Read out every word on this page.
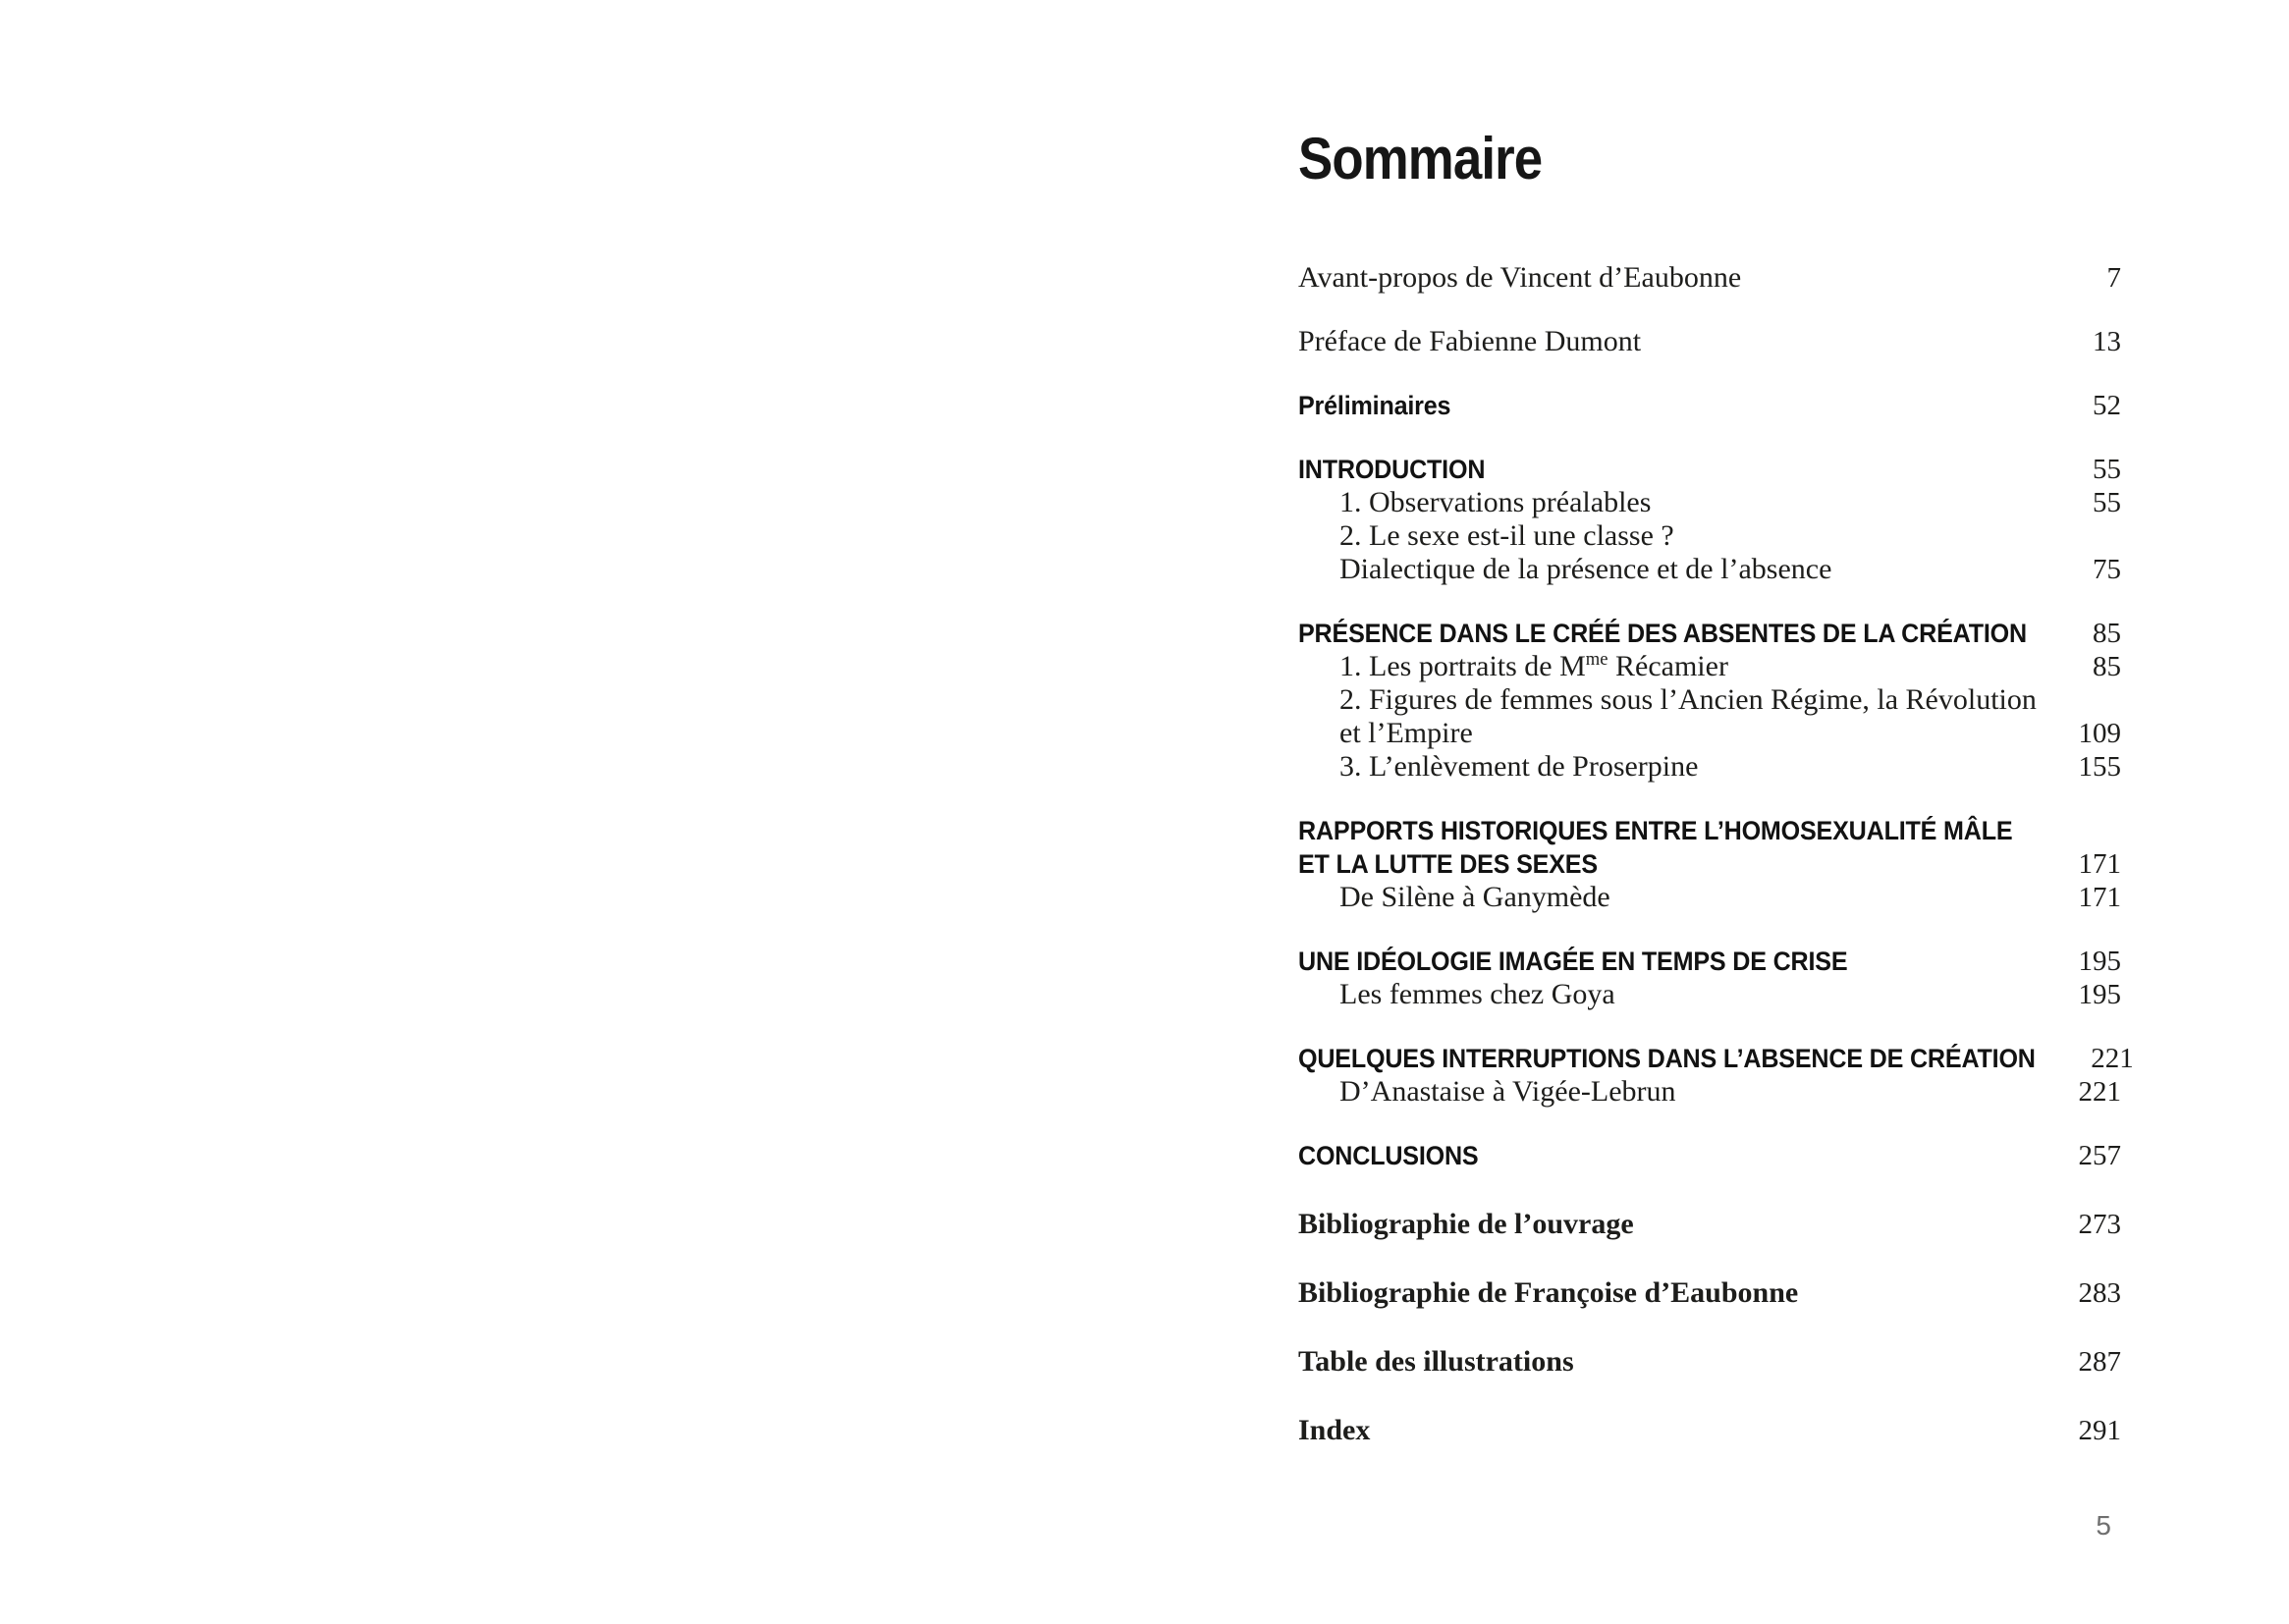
Sommaire
Avant-propos de Vincent d’Eaubonne	7
Préface de Fabienne Dumont	13
Préliminaires	52
INTRODUCTION	55
1. Observations préalables	55
2. Le sexe est-il une classe ?
Dialectique de la présence et de l’absence	75
PRÉSENCE DANS LE CRÉÉ DES ABSENTES DE LA CRÉATION 85
1. Les portraits de $M^{me}$ Récamier	85
2. Figures de femmes sous l’Ancien Régime, la Révolution
et l’Empire	109
3. L’enlèvement de Proserpine	155
RAPPORTS HISTORIQUES ENTRE L’HOMOSEXUALITÉ MÂLE
ET LA LUTTE DES SEXES	171
De Silène à Ganymède	171
UNE IDÉOLOGIE IMAGÉE EN TEMPS DE CRISE	195
Les femmes chez Goya	195
QUELQUES INTERRUPTIONS DANS L’ABSENCE DE CRÉATION 221
D’Anastaise à Vigée-Lebrun	221
CONCLUSIONS	257
Bibliographie de l’ouvrage	273
Bibliographie de Françoise d’Eaubonne	283
Table des illustrations	287
Index	291
5
